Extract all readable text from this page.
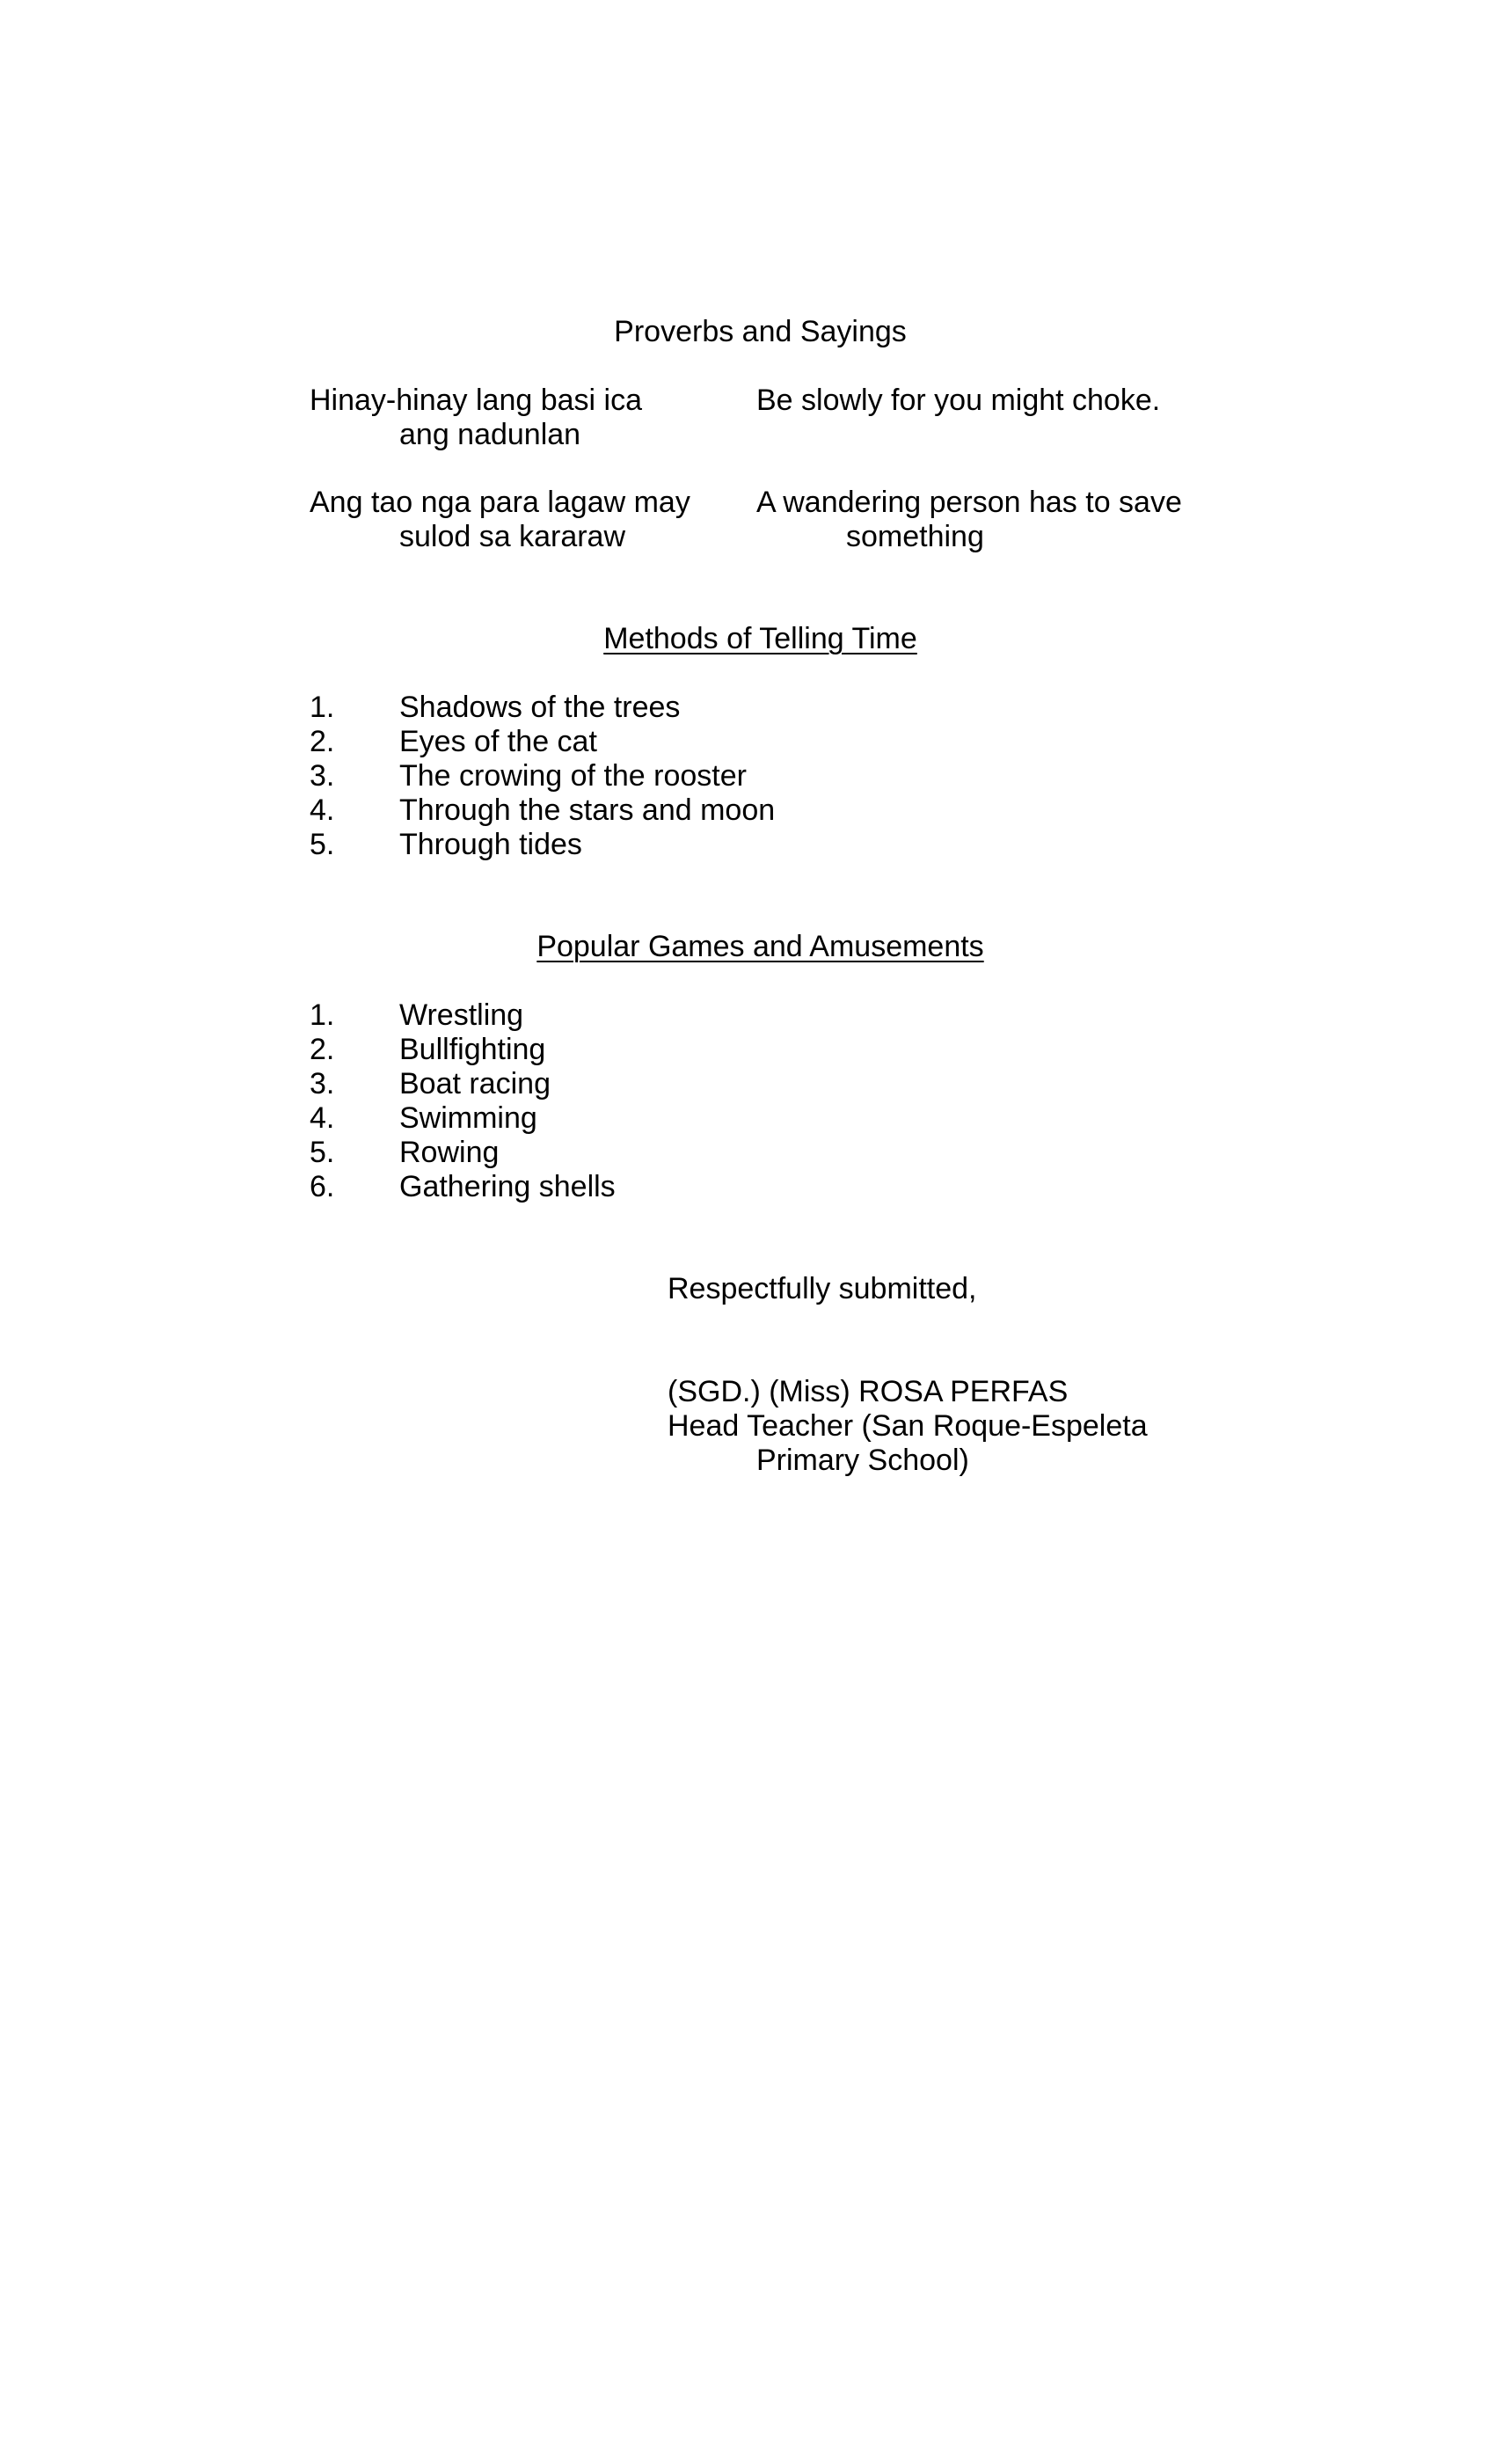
Proverbs and Sayings
Hinay-hinay lang basi ica
ang nadunlan
Be slowly for you might choke.
Ang tao nga para lagaw may
sulod sa kararaw
A wandering person has to save
something
Methods of Telling Time
1. Shadows of the trees
2. Eyes of the cat
3. The crowing of the rooster
4. Through the stars and moon
5. Through tides
Popular Games and Amusements
1. Wrestling
2. Bullfighting
3. Boat racing
4. Swimming
5. Rowing
6. Gathering shells
Respectfully submitted,
(SGD.) (Miss) ROSA PERFAS
Head Teacher (San Roque-Espeleta
Primary School)
